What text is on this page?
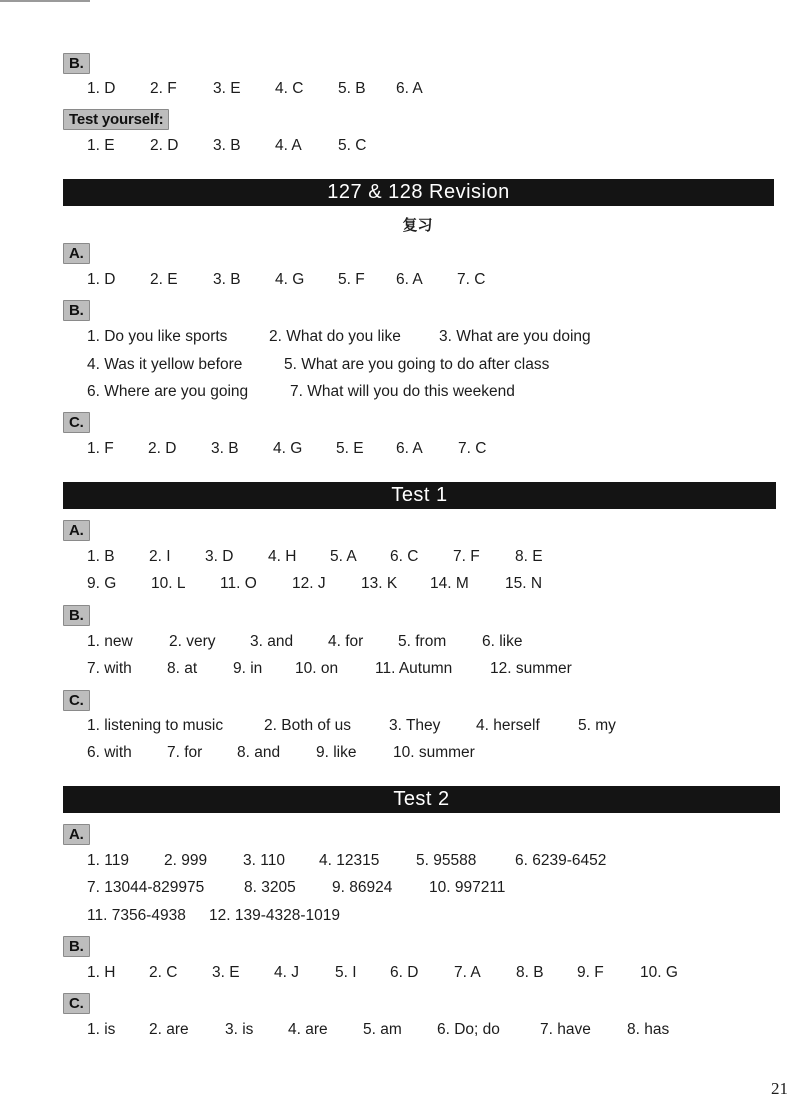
B.
1. D 2. F 3. E 4. C 5. B 6. A
Test yourself:
1. E 2. D 3. B 4. A 5. C
127 & 128 Revision
复习
A.
1. D 2. E 3. B 4. G 5. F 6. A 7. C
B.
1. Do you like sports	2. What do you like 3. What are you doing
4. Was it yellow before	5. What are you going to do after class
6. Where are you going	7. What will you do this weekend
C.
1. F 2. D 3. B 4. G 5. E 6. A 7. C
Test 1
A.
1. B 2. I 3. D 4. H 5. A 6. C 7. F 8. E
9. G 10. L 11. O 12. J 13. K 14. M 15. N
B.
1. new 2. very 3. and 4. for 5. from 6. like
7. with 8. at 9. in 10. on 11. Autumn 12. summer
C.
1. listening to music	2. Both of us 3. They 4. herself 5. my
6. with 7. for 8. and 9. like 10. summer
Test 2
A.
1. 119 2. 999 3. 110 4. 12315 5. 95588 6. 6239-6452
7. 13044-829975	8. 3205 9. 86924 10. 997211
11. 7356-4938 12. 139-4328-1019
B.
1. H 2. C 3. E 4. J 5. I 6. D 7. A 8. B 9. F 10. G
C.
1. is 2. are 3. is 4. are 5. am 6. Do; do	7. have 8. has
21
